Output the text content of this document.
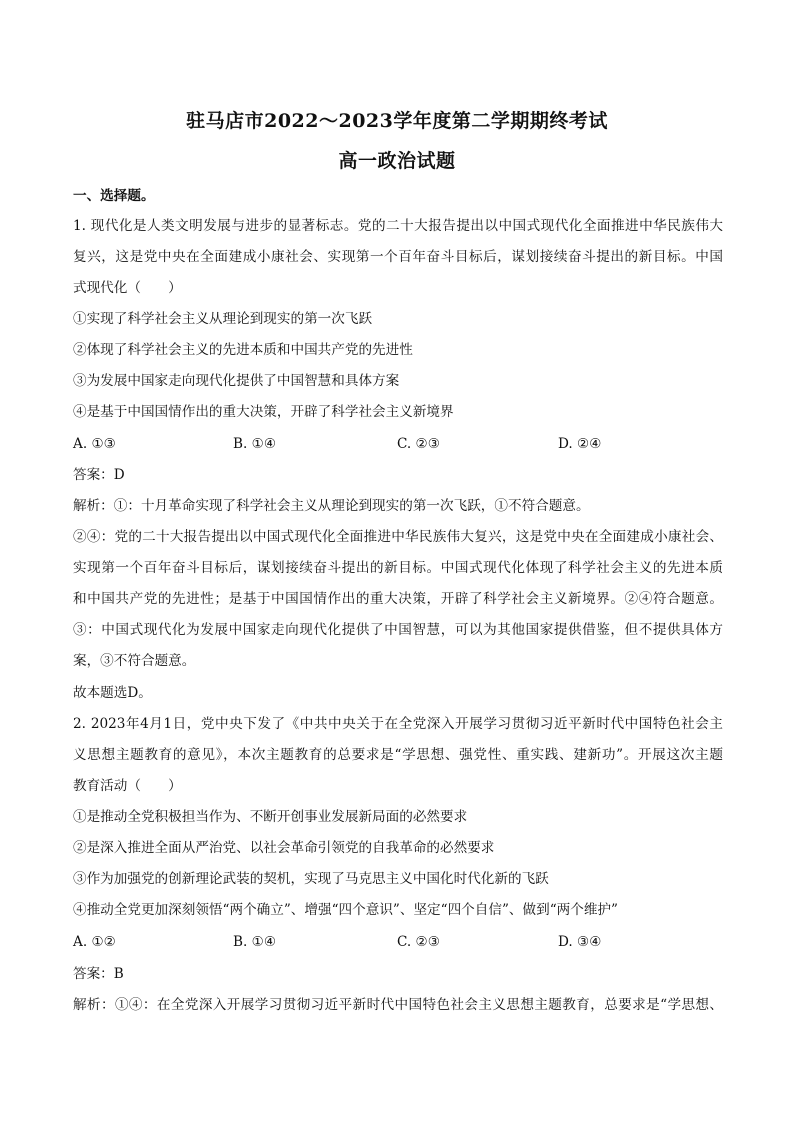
驻马店市2022～2023学年度第二学期期终考试
高一政治试题
一、选择题。
1. 现代化是人类文明发展与进步的显著标志。党的二十大报告提出以中国式现代化全面推进中华民族伟大
复兴，这是党中央在全面建成小康社会、实现第一个百年奋斗目标后，谋划接续奋斗提出的新目标。中国
式现代化（　　）
①实现了科学社会主义从理论到现实的第一次飞跃
②体现了科学社会主义的先进本质和中国共产党的先进性
③为发展中国家走向现代化提供了中国智慧和具体方案
④是基于中国国情作出的重大决策，开辟了科学社会主义新境界
A. ①③	B. ①④	C. ②③	D. ②④
答案：D
解析：①：十月革命实现了科学社会主义从理论到现实的第一次飞跃，①不符合题意。
②④：党的二十大报告提出以中国式现代化全面推进中华民族伟大复兴，这是党中央在全面建成小康社会、
实现第一个百年奋斗目标后，谋划接续奋斗提出的新目标。中国式现代化体现了科学社会主义的先进本质
和中国共产党的先进性；是基于中国国情作出的重大决策，开辟了科学社会主义新境界。②④符合题意。
③：中国式现代化为发展中国家走向现代化提供了中国智慧，可以为其他国家提供借鉴，但不提供具体方
案，③不符合题意。
故本题选D。
2. 2023年4月1日，党中央下发了《中共中央关于在全党深入开展学习贯彻习近平新时代中国特色社会主
义思想主题教育的意见》，本次主题教育的总要求是“学思想、强党性、重实践、建新功”。开展这次主题
教育活动（　　）
①是推动全党积极担当作为、不断开创事业发展新局面的必然要求
②是深入推进全面从严治党、以社会革命引领党的自我革命的必然要求
③作为加强党的创新理论武装的契机，实现了马克思主义中国化时代化新的飞跃
④推动全党更加深刻领悟“两个确立”、增强“四个意识”、坚定“四个自信”、做到“两个维护”
A. ①②	B. ①④	C. ②③	D. ③④
答案：B
解析：①④：在全党深入开展学习贯彻习近平新时代中国特色社会主义思想主题教育，总要求是“学思想、
